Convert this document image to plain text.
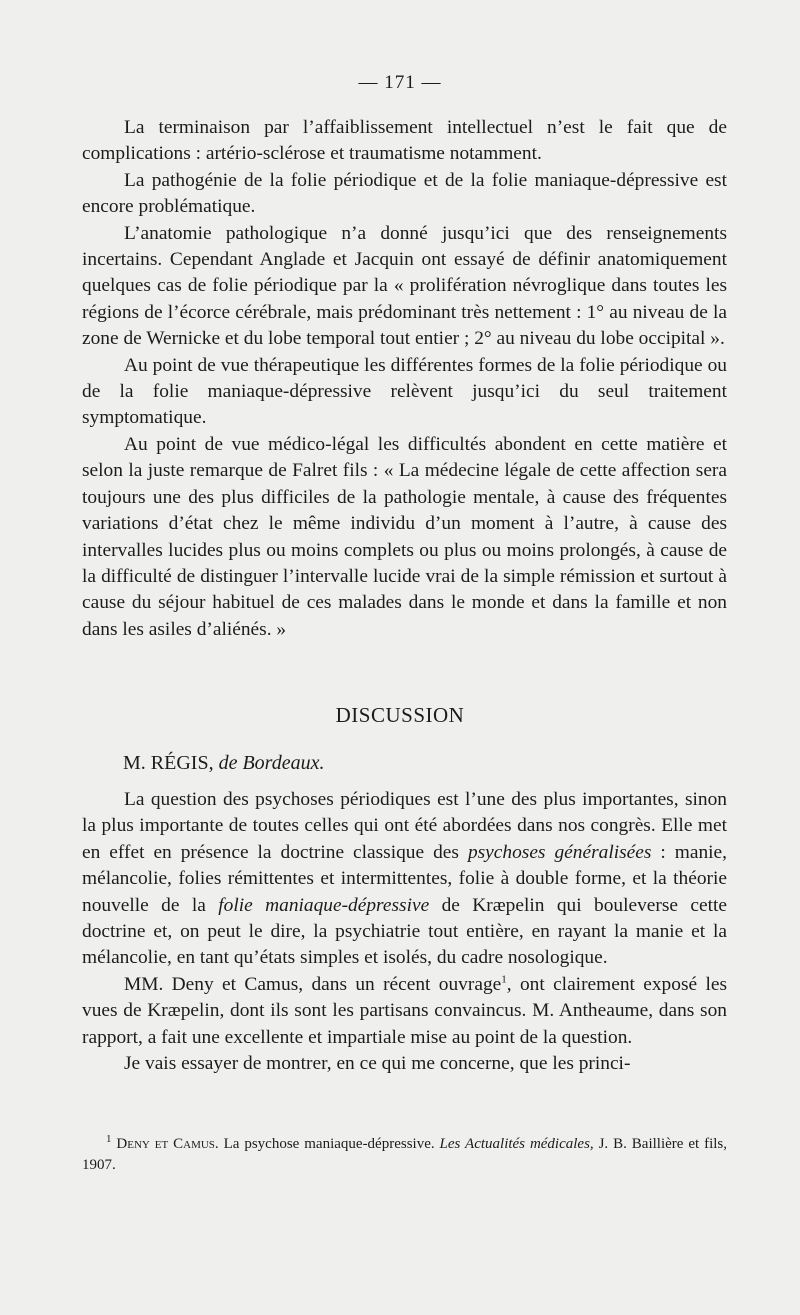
— 171 —

La terminaison par l’affaiblissement intellectuel n’est le fait que de complications : artério-sclérose et traumatisme notamment.

La pathogénie de la folie périodique et de la folie maniaque-dépressive est encore problématique.

L’anatomie pathologique n’a donné jusqu’ici que des renseignements incertains. Cependant Anglade et Jacquin ont essayé de définir anatomiquement quelques cas de folie périodique par la « prolifération névroglique dans toutes les régions de l’écorce cérébrale, mais prédominant très nettement : 1° au niveau de la zone de Wernicke et du lobe temporal tout entier ; 2° au niveau du lobe occipital ».

Au point de vue thérapeutique les différentes formes de la folie périodique ou de la folie maniaque-dépressive relèvent jusqu’ici du seul traitement symptomatique.

Au point de vue médico-légal les difficultés abondent en cette matière et selon la juste remarque de Falret fils : « La médecine légale de cette affection sera toujours une des plus difficiles de la pathologie mentale, à cause des fréquentes variations d’état chez le même individu d’un moment à l’autre, à cause des intervalles lucides plus ou moins complets ou plus ou moins prolongés, à cause de la difficulté de distinguer l’intervalle lucide vrai de la simple rémission et surtout à cause du séjour habituel de ces malades dans le monde et dans la famille et non dans les asiles d’aliénés. »

DISCUSSION
M. RÉGIS, de Bordeaux.

La question des psychoses périodiques est l’une des plus importantes, sinon la plus importante de toutes celles qui ont été abordées dans nos congrès. Elle met en effet en présence la doctrine classique des psychoses généralisées : manie, mélancolie, folies rémittentes et intermittentes, folie à double forme, et la théorie nouvelle de la folie maniaque-dépressive de Kræpelin qui bouleverse cette doctrine et, on peut le dire, la psychiatrie tout entière, en rayant la manie et la mélancolie, en tant qu’états simples et isolés, du cadre nosologique.

MM. Deny et Camus, dans un récent ouvrage$^1$, ont clairement exposé les vues de Kræpelin, dont ils sont les partisans convaincus. M. Antheaume, dans son rapport, a fait une excellente et impartiale mise au point de la question.

Je vais essayer de montrer, en ce qui me concerne, que les princi-

$^1$ Deny et Camus. La psychose maniaque-dépressive. Les Actualités médicales, J. B. Baillière et fils, 1907.
